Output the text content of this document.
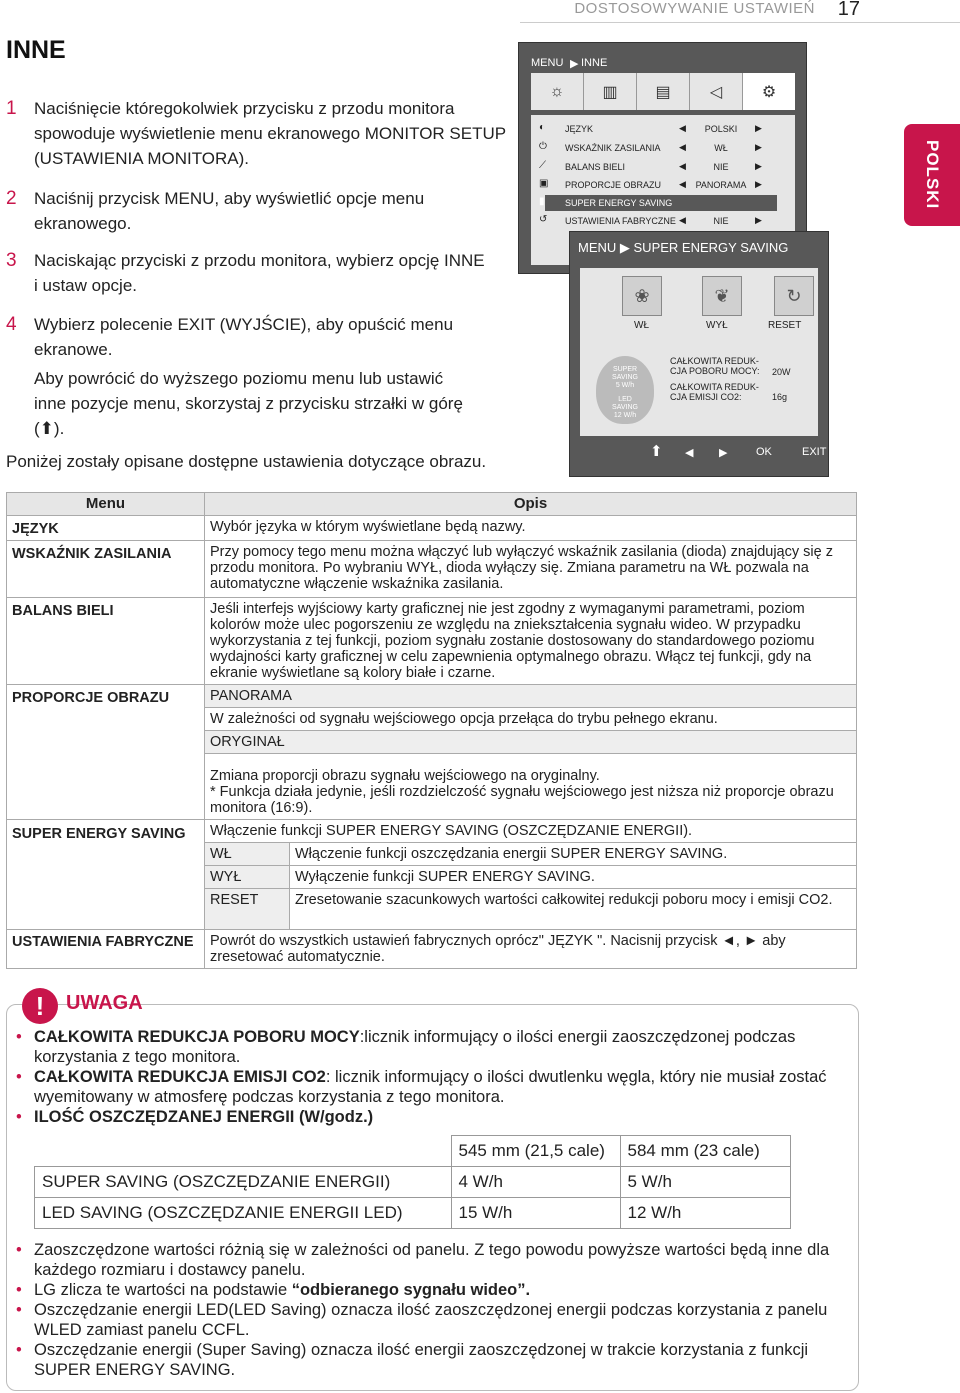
DOSTOSOWYWANIE USTAWIEŃ 17
INNE
POLSKI
1 Naciśnięcie któregokolwiek przycisku z przodu monitora spowoduje wyświetlenie menu ekranowego MONITOR SETUP (USTAWIENIA MONITORA).
2 Naciśnij przycisk MENU, aby wyświetlić opcje menu ekranowego.
3 Naciskając przyciski z przodu monitora, wybierz opcję INNE i ustaw opcje.
4 Wybierz polecenie EXIT (WYJŚCIE), aby opuścić menu ekranowe.
Aby powrócić do wyższego poziomu menu lub ustawić inne pozycje menu, skorzystaj z przycisku strzałki w górę (⬆).
Poniżej zostały opisane dostępne ustawienia dotyczące obrazu.
MENU ▶ INNE
☼	▥	▤	◁	⚙
◐ JĘZYK	◀	POLSKI	▶
⏻ WSKAŹNIK ZASILANIA ◀	WŁ	▶
⟋ BALANS BIELI	◀	NIE	▶
▣ PROPORCJE OBRAZU ◀	PANORAMA ▶
▮ SUPER ENERGY SAVING
↺ USTAWIENIA FABRYCZNE ◀	NIE	▶
MENU ▶ SUPER ENERGY SAVING
❀	❦	↻
WŁ	WYŁ	RESET
SUPER
SAVING
5 W/h
LED
SAVING
12 W/h
CAŁKOWITA REDUK-CJA POBORU MOCY:	20W
CAŁKOWITA REDUK-CJA EMISJI CO2:	16g
⬆ ◀ ▶	OK	EXIT
Menu	Opis
JĘZYK	Wybór języka w którym wyświetlane będą nazwy.
WSKAŹNIK ZASILANIA	Przy pomocy tego menu można włączyć lub wyłączyć wskaźnik zasilania (dioda) znajdujący się z przodu monitora. Po wybraniu WYŁ, dioda wyłączy się. Zmiana parametru na WŁ pozwala na automatyczne włączenie wskaźnika zasilania.
BALANS BIELI	Jeśli interfejs wyjściowy karty graficznej nie jest zgodny z wymaganymi parametrami, poziom kolorów może ulec pogorszeniu ze względu na zniekształcenia sygnału wideo. W przypadku wykorzystania z tej funkcji, poziom sygnału zostanie dostosowany do standardowego poziomu wydajności karty graficznej w celu zapewnienia optymalnego obrazu. Włącz tej funkcji, gdy na ekranie wyświetlane są kolory białe i czarne.
PROPORCJE OBRAZU	PANORAMA
W zależności od sygnału wejściowego opcja przełąca do trybu pełnego ekranu.
ORYGINAŁ

Zmiana proporcji obrazu sygnału wejściowego na oryginalny.
* Funkcja działa jedynie, jeśli rozdzielczość sygnału wejściowego jest niższa niż proporcje obrazu monitora (16:9).

SUPER ENERGY SAVING	Włączenie funkcji SUPER ENERGY SAVING (OSZCZĘDZANIE ENERGII).
WŁ	Włączenie funkcji oszczędzania energii SUPER ENERGY SAVING.
WYŁ	Wyłączenie funkcji SUPER ENERGY SAVING.
RESET	Zresetowanie szacunkowych wartości całkowitej redukcji poboru mocy i emisji CO2.

USTAWIENIA FABRYCZNE	Powrót do wszystkich ustawień fabrycznych oprócz" JĘZYK ". Nacisnij przycisk ◄, ► aby zresetować automatycznie.
!	UWAGA
• CAŁKOWITA REDUKCJA POBORU MOCY:licznik informujący o ilości energii zaoszczędzonej podczas korzystania z tego monitora.
• CAŁKOWITA REDUKCJA EMISJI CO2: licznik informujący o ilości dwutlenku węgla, który nie musiał zostać wyemitowany w atmosferę podczas korzystania z tego monitora.
• ILOŚĆ OSZCZĘDZANEJ ENERGII (W/godz.)
	545 mm (21,5 cale)	584 mm (23 cale)
SUPER SAVING (OSZCZĘDZANIE ENERGII)	4 W/h	5 W/h
LED SAVING (OSZCZĘDZANIE ENERGII LED)	15 W/h	12 W/h
• Zaoszczędzone wartości różnią się w zależności od panelu. Z tego powodu powyższe wartości będą inne dla każdego rozmiaru i dostawcy panelu.
• LG zlicza te wartości na podstawie “odbieranego sygnału wideo”.
• Oszczędzanie energii LED(LED Saving) oznacza ilość zaoszczędzonej energii podczas korzystania z panelu WLED zamiast panelu CCFL.
• Oszczędzanie energii (Super Saving) oznacza ilość energii zaoszczędzonej w trakcie korzystania z funkcji SUPER ENERGY SAVING.
